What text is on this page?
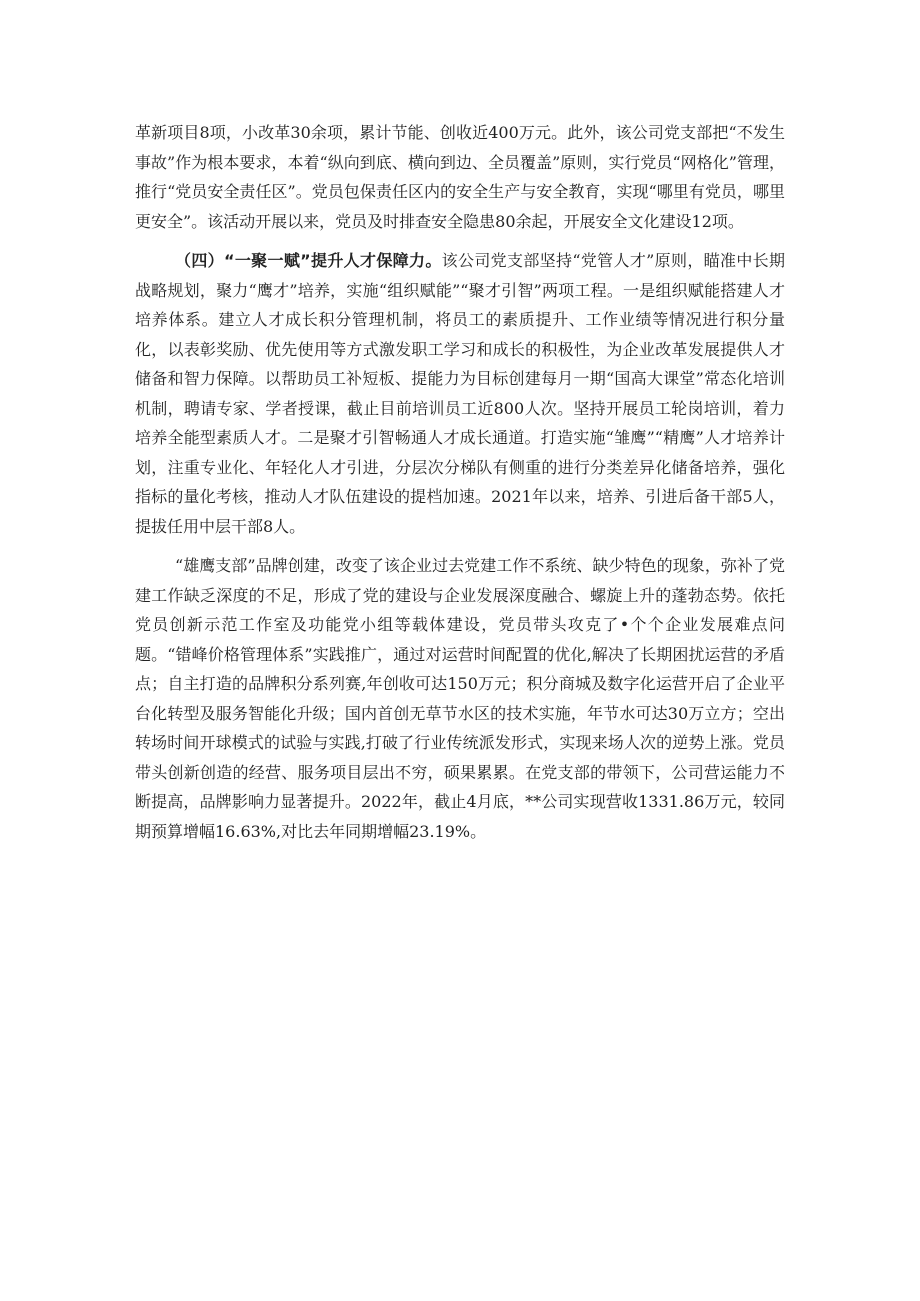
革新项目8项，小改革30余项，累计节能、创收近400万元。此外，该公司党支部把“不发生事故”作为根本要求，本着“纵向到底、横向到边、全员覆盖”原则，实行党员“网格化”管理，推行“党员安全责任区”。党员包保责任区内的安全生产与安全教育，实现“哪里有党员，哪里更安全”。该活动开展以来，党员及时排查安全隐患80余起，开展安全文化建设12项。

（四）“一聚一赋”提升人才保障力。该公司党支部坚持“党管人才”原则，瞄准中长期战略规划，聚力“鹰才”培养，实施“组织赋能”“聚才引智”两项工程。一是组织赋能搭建人才培养体系。建立人才成长积分管理机制，将员工的素质提升、工作业绩等情况进行积分量化，以表彰奖励、优先使用等方式激发职工学习和成长的积极性，为企业改革发展提供人才储备和智力保障。以帮助员工补短板、提能力为目标创建每月一期“国高大课堂”常态化培训机制，聘请专家、学者授课，截止目前培训员工近800人次。坚持开展员工轮岗培训，着力培养全能型素质人才。二是聚才引智畅通人才成长通道。打造实施“雏鹰”“精鹰”人才培养计划，注重专业化、年轻化人才引进，分层次分梯队有侧重的进行分类差异化储备培养，强化指标的量化考核，推动人才队伍建设的提档加速。2021年以来，培养、引进后备干部5人，提拔任用中层干部8人。

“雄鹰支部”品牌创建，改变了该企业过去党建工作不系统、缺少特色的现象，弥补了党建工作缺乏深度的不足，形成了党的建设与企业发展深度融合、螺旋上升的蓬勃态势。依托党员创新示范工作室及功能党小组等载体建设，党员带头攻克了•个个企业发展难点问题。“错峰价格管理体系”实践推广，通过对运营时间配置的优化,解决了长期困扰运营的矛盾点；自主打造的品牌积分系列赛,年创收可达150万元；积分商城及数字化运营开启了企业平台化转型及服务智能化升级；国内首创无草节水区的技术实施，年节水可达30万立方；空出转场时间开球模式的试验与实践,打破了行业传统派发形式，实现来场人次的逆势上涨。党员带头创新创造的经营、服务项目层出不穷，硕果累累。在党支部的带领下，公司营运能力不断提高，品牌影响力显著提升。2022年，截止4月底，**公司实现营收1331.86万元，较同期预算增幅16.63%,对比去年同期增幅23.19%。
